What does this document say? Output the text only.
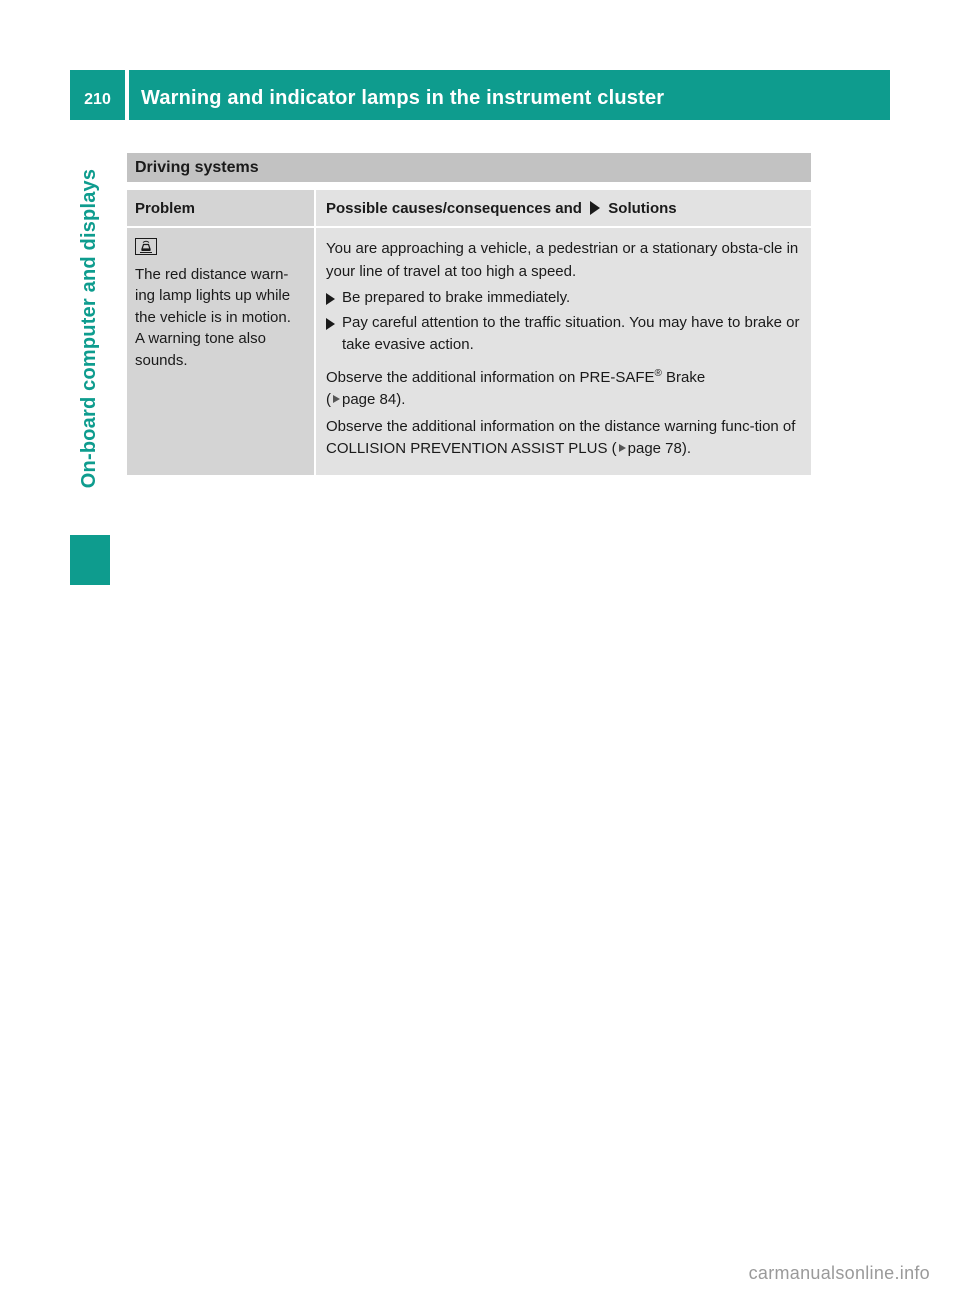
210	Warning and indicator lamps in the instrument cluster
On-board computer and displays
Driving systems
Problem	Possible causes/consequences and Solutions
The red distance warn-
ing lamp lights up while
the vehicle is in motion.
A warning tone also
sounds.
You are approaching a vehicle, a pedestrian or a stationary obsta-cle in your line of travel at too high a speed.
Be prepared to brake immediately.
Pay careful attention to the traffic situation. You may have to brake or take evasive action.
Observe the additional information on PRE-SAFE® Brake
( page 84).
Observe the additional information on the distance warning func-tion of COLLISION PREVENTION ASSIST PLUS ( page 78).
carmanualsonline.info
